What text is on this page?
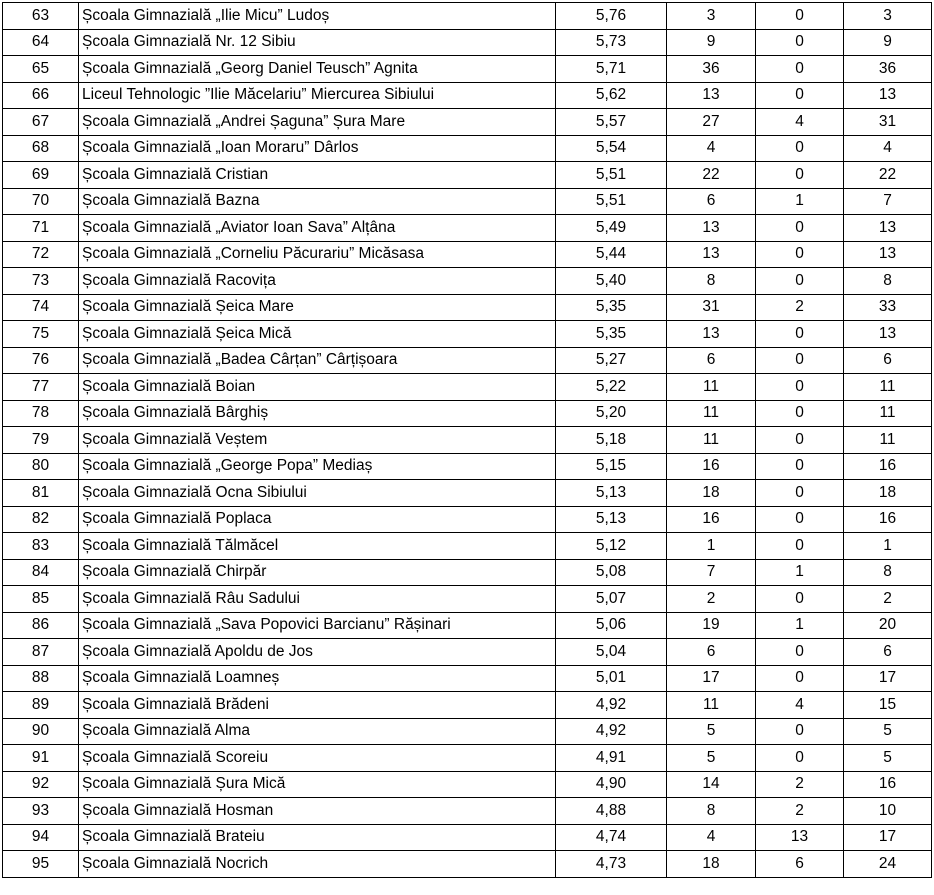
63	Școala Gimnazială „Ilie Micu” Ludoș	5,76	3	0	3
64	Școala Gimnazială Nr. 12 Sibiu	5,73	9	0	9
65	Școala Gimnazială „Georg Daniel Teusch” Agnita	5,71	36	0	36
66	Liceul Tehnologic ”Ilie Măcelariu” Miercurea Sibiului	5,62	13	0	13
67	Școala Gimnazială „Andrei Șaguna” Șura Mare	5,57	27	4	31
68	Școala Gimnazială „Ioan Moraru” Dârlos	5,54	4	0	4
69	Școala Gimnazială Cristian	5,51	22	0	22
70	Școala Gimnazială Bazna	5,51	6	1	7
71	Școala Gimnazială „Aviator Ioan Sava” Alțâna	5,49	13	0	13
72	Școala Gimnazială „Corneliu Păcurariu” Micăsasa	5,44	13	0	13
73	Școala Gimnazială Racovița	5,40	8	0	8
74	Școala Gimnazială Șeica Mare	5,35	31	2	33
75	Școala Gimnazială Șeica Mică	5,35	13	0	13
76	Școala Gimnazială „Badea Cârțan” Cârțișoara	5,27	6	0	6
77	Școala Gimnazială Boian	5,22	11	0	11
78	Școala Gimnazială Bârghiș	5,20	11	0	11
79	Școala Gimnazială Veștem	5,18	11	0	11
80	Școala Gimnazială „George Popa” Mediaș	5,15	16	0	16
81	Școala Gimnazială Ocna Sibiului	5,13	18	0	18
82	Școala Gimnazială Poplaca	5,13	16	0	16
83	Școala Gimnazială Tălmăcel	5,12	1	0	1
84	Școala Gimnazială Chirpăr	5,08	7	1	8
85	Școala Gimnazială Râu Sadului	5,07	2	0	2
86	Școala Gimnazială „Sava Popovici Barcianu” Rășinari	5,06	19	1	20
87	Școala Gimnazială Apoldu de Jos	5,04	6	0	6
88	Școala Gimnazială Loamneș	5,01	17	0	17
89	Școala Gimnazială Brădeni	4,92	11	4	15
90	Școala Gimnazială Alma	4,92	5	0	5
91	Școala Gimnazială Scoreiu	4,91	5	0	5
92	Școala Gimnazială Șura Mică	4,90	14	2	16
93	Școala Gimnazială Hosman	4,88	8	2	10
94	Școala Gimnazială Brateiu	4,74	4	13	17
95	Școala Gimnazială Nocrich	4,73	18	6	24
